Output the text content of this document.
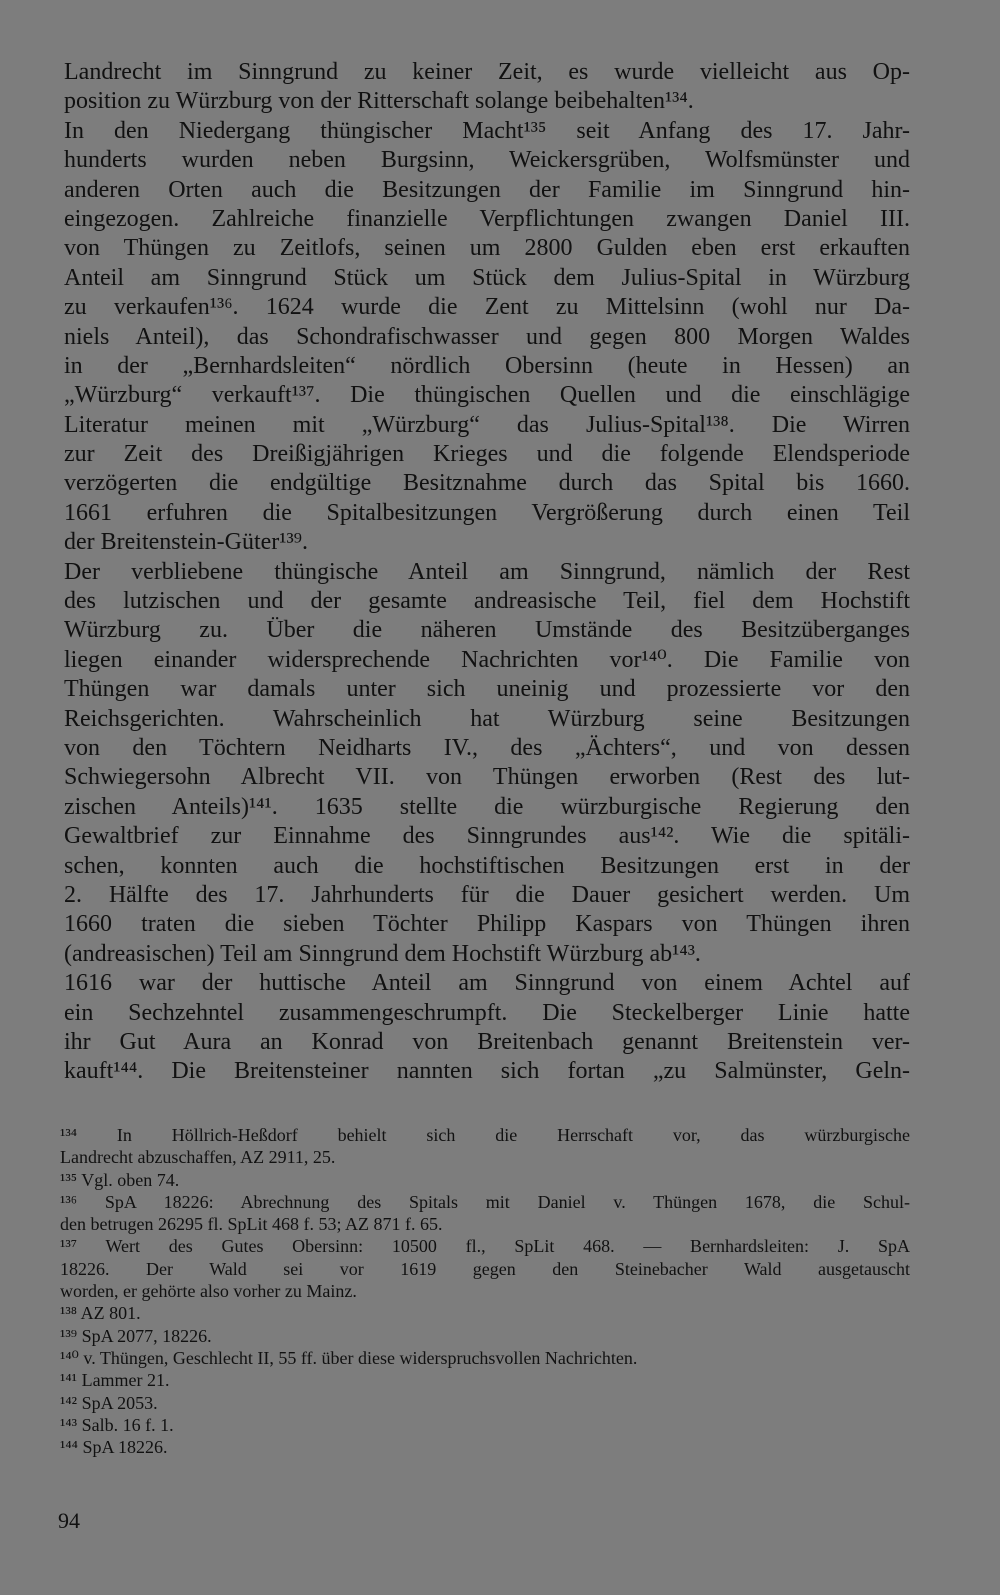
Landrecht im Sinngrund zu keiner Zeit, es wurde vielleicht aus Op-
position zu Würzburg von der Ritterschaft solange beibehalten¹³⁴.
In den Niedergang thüngischer Macht¹³⁵ seit Anfang des 17. Jahr-
hunderts wurden neben Burgsinn, Weickersgrüben, Wolfsmünster und
anderen Orten auch die Besitzungen der Familie im Sinngrund hin-
eingezogen. Zahlreiche finanzielle Verpflichtungen zwangen Daniel III.
von Thüngen zu Zeitlofs, seinen um 2800 Gulden eben erst erkauften
Anteil am Sinngrund Stück um Stück dem Julius-Spital in Würzburg
zu verkaufen¹³⁶. 1624 wurde die Zent zu Mittelsinn (wohl nur Da-
niels Anteil), das Schondrafischwasser und gegen 800 Morgen Waldes
in der „Bernhardsleiten“ nördlich Obersinn (heute in Hessen) an
„Würzburg“ verkauft¹³⁷. Die thüngischen Quellen und die einschlägige
Literatur meinen mit „Würzburg“ das Julius-Spital¹³⁸. Die Wirren
zur Zeit des Dreißigjährigen Krieges und die folgende Elendsperiode
verzögerten die endgültige Besitznahme durch das Spital bis 1660.
1661 erfuhren die Spitalbesitzungen Vergrößerung durch einen Teil
der Breitenstein-Güter¹³⁹.
Der verbliebene thüngische Anteil am Sinngrund, nämlich der Rest
des lutzischen und der gesamte andreasische Teil, fiel dem Hochstift
Würzburg zu. Über die näheren Umstände des Besitzüberganges
liegen einander widersprechende Nachrichten vor¹⁴⁰. Die Familie von
Thüngen war damals unter sich uneinig und prozessierte vor den
Reichsgerichten. Wahrscheinlich hat Würzburg seine Besitzungen
von den Töchtern Neidharts IV., des „Ächters“, und von dessen
Schwiegersohn Albrecht VII. von Thüngen erworben (Rest des lut-
zischen Anteils)¹⁴¹. 1635 stellte die würzburgische Regierung den
Gewaltbrief zur Einnahme des Sinngrundes aus¹⁴². Wie die spitäli-
schen, konnten auch die hochstiftischen Besitzungen erst in der
2. Hälfte des 17. Jahrhunderts für die Dauer gesichert werden. Um
1660 traten die sieben Töchter Philipp Kaspars von Thüngen ihren
(andreasischen) Teil am Sinngrund dem Hochstift Würzburg ab¹⁴³.
1616 war der huttische Anteil am Sinngrund von einem Achtel auf
ein Sechzehntel zusammengeschrumpft. Die Steckelberger Linie hatte
ihr Gut Aura an Konrad von Breitenbach genannt Breitenstein ver-
kauft¹⁴⁴. Die Breitensteiner nannten sich fortan „zu Salmünster, Geln-
¹³⁴ In Höllrich-Heßdorf behielt sich die Herrschaft vor, das würzburgische
Landrecht abzuschaffen, AZ 2911, 25.
¹³⁵ Vgl. oben 74.
¹³⁶ SpA 18226: Abrechnung des Spitals mit Daniel v. Thüngen 1678, die Schul-
den betrugen 26295 fl. SpLit 468 f. 53; AZ 871 f. 65.
¹³⁷ Wert des Gutes Obersinn: 10500 fl., SpLit 468. — Bernhardsleiten: J. SpA
18226. Der Wald sei vor 1619 gegen den Steinebacher Wald ausgetauscht
worden, er gehörte also vorher zu Mainz.
¹³⁸ AZ 801.
¹³⁹ SpA 2077, 18226.
¹⁴⁰ v. Thüngen, Geschlecht II, 55 ff. über diese widerspruchsvollen Nachrichten.
¹⁴¹ Lammer 21.
¹⁴² SpA 2053.
¹⁴³ Salb. 16 f. 1.
¹⁴⁴ SpA 18226.
94
